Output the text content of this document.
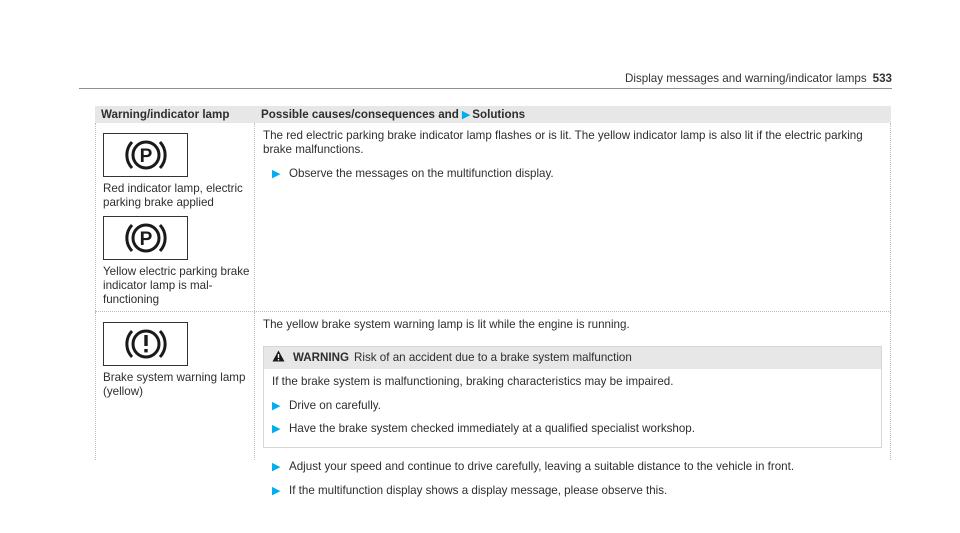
Display messages and warning/indicator lamps 533
Warning/indicator lamp	Possible causes/consequences and ▶ Solutions
P
Red indicator lamp, electric parking brake applied
P
Yellow electric parking brake indicator lamp is mal- functioning

The red electric parking brake indicator lamp flashes or is lit. The yellow indicator lamp is also lit if the electric parking brake malfunctions.

▶ Observe the messages on the multifunction display.
Brake system warning lamp (yellow)

The yellow brake system warning lamp is lit while the engine is running.

WARNING Risk of an accident due to a brake system malfunction

If the brake system is malfunctioning, braking characteristics may be impaired.

▶ Drive on carefully.
▶ Have the brake system checked immediately at a qualified specialist workshop.
▶ Adjust your speed and continue to drive carefully, leaving a suitable distance to the vehicle in front.
▶ If the multifunction display shows a display message, please observe this.
